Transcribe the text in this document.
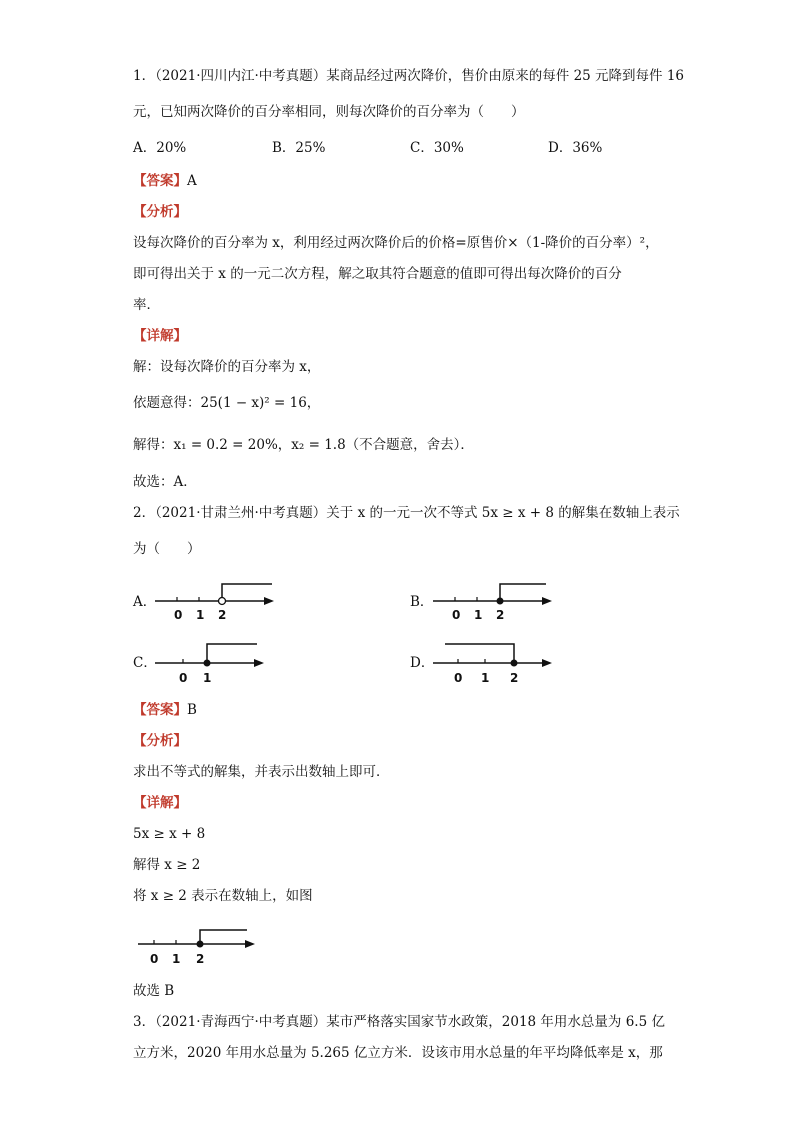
1．（2021·四川内江·中考真题）某商品经过两次降价，售价由原来的每件 25 元降到每件 16
元，已知两次降价的百分率相同，则每次降价的百分率为（　　）
A．20%	B．25%	C．30%	D．36%
【答案】A
【分析】
设每次降价的百分率为 x，利用经过两次降价后的价格=原售价×（1-降价的百分率）²，
即可得出关于 x 的一元二次方程，解之取其符合题意的值即可得出每次降价的百分
率．
【详解】
解：设每次降价的百分率为 x，
依题意得：25(1 − x)² = 16，
解得：x₁ = 0.2 = 20%，x₂ = 1.8（不合题意，舍去）．
故选：A．
2．（2021·甘肃兰州·中考真题）关于 x 的一元一次不等式 5x ≥ x + 8 的解集在数轴上表示
为（　　）
A．
0 1 2
B．
0 1 2
C．
0 1
D．
0 1 2
【答案】B
【分析】
求出不等式的解集，并表示出数轴上即可．
【详解】
5x ≥ x + 8
解得 x ≥ 2
将 x ≥ 2 表示在数轴上，如图
0 1 2
故选 B
3．（2021·青海西宁·中考真题）某市严格落实国家节水政策，2018 年用水总量为 6.5 亿
立方米，2020 年用水总量为 5.265 亿立方米．设该市用水总量的年平均降低率是 x，那
